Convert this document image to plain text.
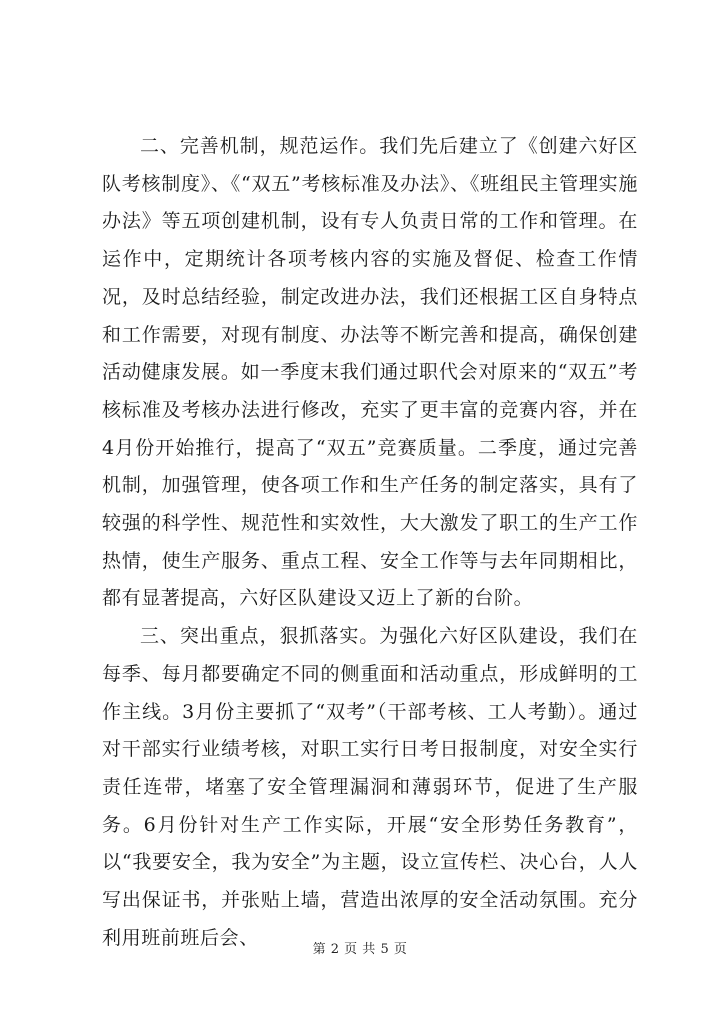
二、完善机制，规范运作。我们先后建立了《创建六好区队考核制度》、《“双五”考核标准及办法》、《班组民主管理实施办法》等五项创建机制，设有专人负责日常的工作和管理。在运作中，定期统计各项考核内容的实施及督促、检查工作情况，及时总结经验，制定改进办法，我们还根据工区自身特点和工作需要，对现有制度、办法等不断完善和提高，确保创建活动健康发展。如一季度末我们通过职代会对原来的“双五”考核标准及考核办法进行修改，充实了更丰富的竞赛内容，并在4月份开始推行，提高了“双五”竞赛质量。二季度，通过完善机制，加强管理，使各项工作和生产任务的制定落实，具有了较强的科学性、规范性和实效性，大大激发了职工的生产工作热情，使生产服务、重点工程、安全工作等与去年同期相比，都有显著提高，六好区队建设又迈上了新的台阶。

三、突出重点，狠抓落实。为强化六好区队建设，我们在每季、每月都要确定不同的侧重面和活动重点，形成鲜明的工作主线。3月份主要抓了“双考”（干部考核、工人考勤）。通过对干部实行业绩考核，对职工实行日考日报制度，对安全实行责任连带，堵塞了安全管理漏洞和薄弱环节，促进了生产服务。6月份针对生产工作实际，开展“安全形势任务教育”，以“我要安全，我为安全”为主题，设立宣传栏、决心台，人人写出保证书，并张贴上墙，营造出浓厚的安全活动氛围。充分利用班前班后会、

第 2 页 共 5 页
